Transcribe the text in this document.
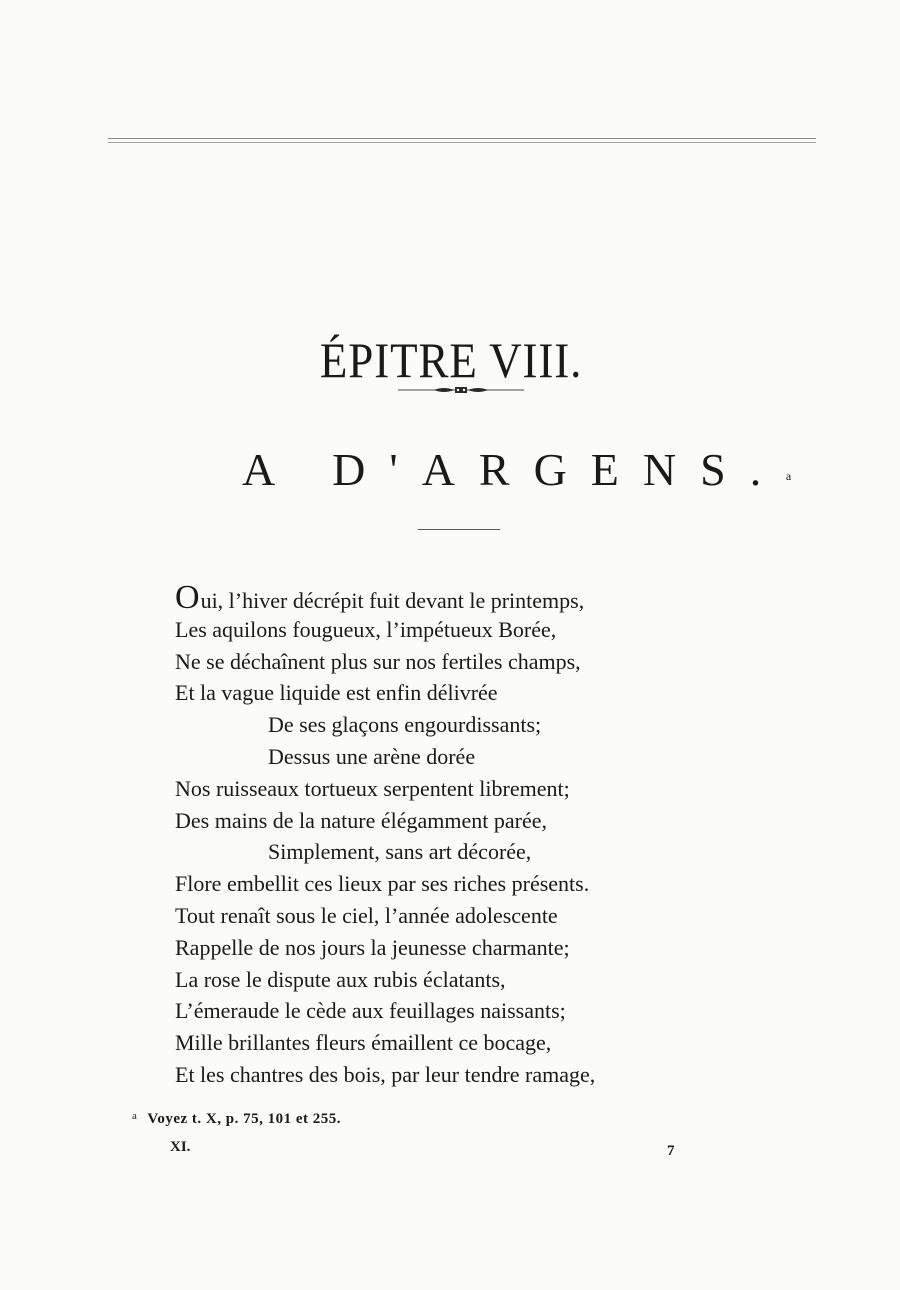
ÉPITRE VIII.
A D'ARGENS. a
Oui, l’hiver décrépit fuit devant le printemps,
Les aquilons fougueux, l’impétueux Borée,
Ne se déchaînent plus sur nos fertiles champs,
Et la vague liquide est enfin délivrée
De ses glaçons engourdissants;
Dessus une arène dorée
Nos ruisseaux tortueux serpentent librement;
Des mains de la nature élégamment parée,
Simplement, sans art décorée,
Flore embellit ces lieux par ses riches présents.
Tout renaît sous le ciel, l’année adolescente
Rappelle de nos jours la jeunesse charmante;
La rose le dispute aux rubis éclatants,
L’émeraude le cède aux feuillages naissants;
Mille brillantes fleurs émaillent ce bocage,
Et les chantres des bois, par leur tendre ramage,
$^a$ Voyez t. X, p. 75, 101 et 255.
XI.	7
